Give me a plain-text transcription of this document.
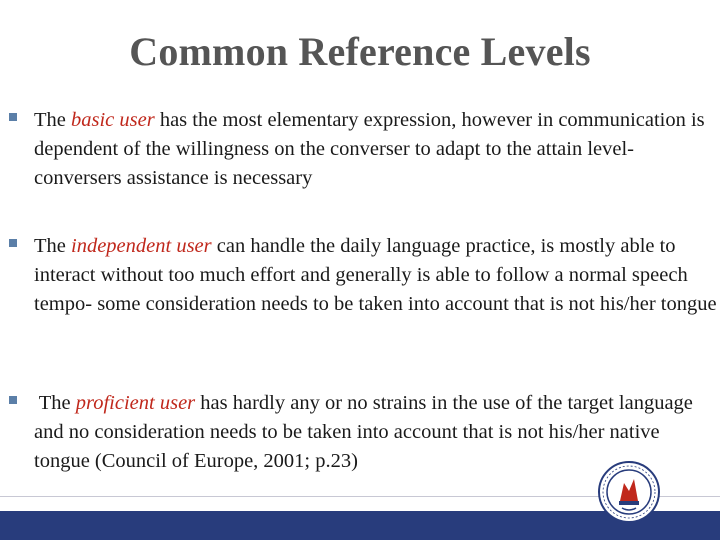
Common Reference Levels
The basic user has the most elementary expression, however in communication is dependent of the willingness on the converser to adapt to the attain level- conversers assistance is necessary
The independent user can handle the daily language practice, is mostly able to interact without too much effort and generally is able to follow a normal speech tempo- some consideration needs to be taken into account that is not his/her tongue
The proficient user has hardly any or no strains in the use of the target language and no consideration needs to be taken into account that is not his/her native tongue (Council of Europe, 2001; p.23)
